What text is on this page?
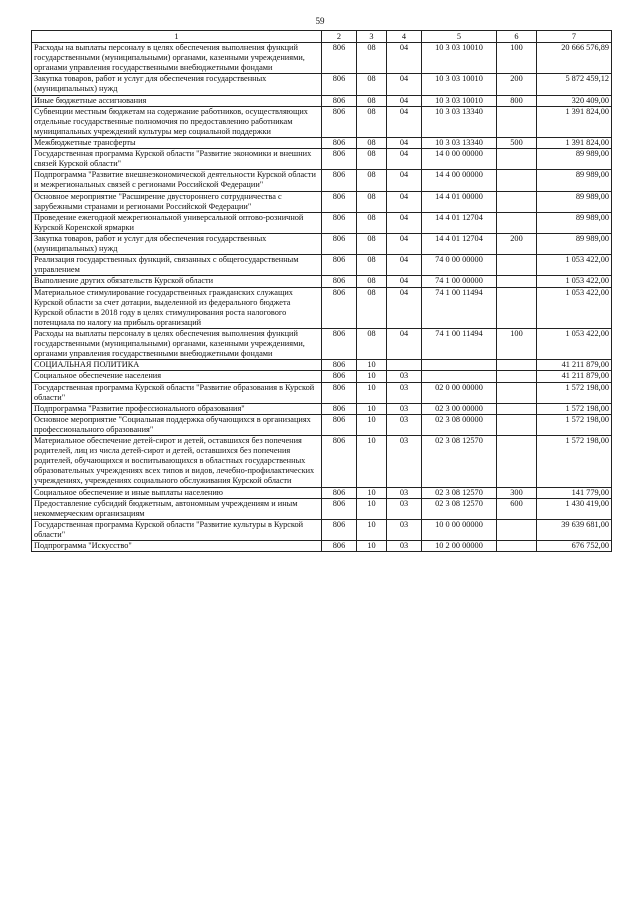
59
1	2	3	4	5	6	7
Расходы на выплаты персоналу в целях обеспечения выполнения функций государственными (муниципальными) органами, казенными учреждениями, органами управления государственными внебюджетными фондами	806	08	04	10 3 03 10010	100	20 666 576,89
Закупка товаров, работ и услуг для обеспечения государственных (муниципальных) нужд	806	08	04	10 3 03 10010	200	5 872 459,12
Иные бюджетные ассигнования	806	08	04	10 3 03 10010	800	320 409,00
Субвенции местным бюджетам на содержание работников, осуществляющих отдельные государственные полномочия по предоставлению работникам муниципальных учреждений культуры мер социальной поддержки	806	08	04	10 3 03 13340		1 391 824,00
Межбюджетные трансферты	806	08	04	10 3 03 13340	500	1 391 824,00
Государственная программа Курской области "Развитие экономики и внешних связей Курской области"	806	08	04	14 0 00 00000		89 989,00
Подпрограмма "Развитие внешнеэкономической деятельности Курской области и межрегиональных связей с регионами Российской Федерации"	806	08	04	14 4 00 00000		89 989,00
Основное мероприятие "Расширение двустороннего сотрудничества с зарубежными странами и регионами Российской Федерации"	806	08	04	14 4 01 00000		89 989,00
Проведение ежегодной межрегиональной универсальной оптово-розничной Курской Коренской ярмарки	806	08	04	14 4 01 12704		89 989,00
Закупка товаров, работ и услуг для обеспечения государственных (муниципальных) нужд	806	08	04	14 4 01 12704	200	89 989,00
Реализация государственных функций, связанных с общегосударственным управлением	806	08	04	74 0 00 00000		1 053 422,00
Выполнение других обязательств Курской области	806	08	04	74 1 00 00000		1 053 422,00
Материальное стимулирование государственных гражданских служащих Курской области за счет дотации, выделенной из федерального бюджета Курской области в 2018 году в целях стимулирования роста налогового потенциала по налогу на прибыль организаций	806	08	04	74 1 00 11494		1 053 422,00
Расходы на выплаты персоналу в целях обеспечения выполнения функций государственными (муниципальными) органами, казенными учреждениями, органами управления государственными внебюджетными фондами	806	08	04	74 1 00 11494	100	1 053 422,00
СОЦИАЛЬНАЯ ПОЛИТИКА	806	10				41 211 879,00
Социальное обеспечение населения	806	10	03			41 211 879,00
Государственная программа Курской области "Развитие образования в Курской области"	806	10	03	02 0 00 00000		1 572 198,00
Подпрограмма "Развитие профессионального образования"	806	10	03	02 3 00 00000		1 572 198,00
Основное мероприятие "Социальная поддержка обучающихся в организациях профессионального образования"	806	10	03	02 3 08 00000		1 572 198,00
Материальное обеспечение детей-сирот и детей, оставшихся без попечения родителей, лиц из числа детей-сирот и детей, оставшихся без попечения родителей, обучающихся и воспитывающихся в областных государственных образовательных учреждениях всех типов и видов, лечебно-профилактических учреждениях, учреждениях социального обслуживания Курской области	806	10	03	02 3 08 12570		1 572 198,00
Социальное обеспечение и иные выплаты населению	806	10	03	02 3 08 12570	300	141 779,00
Предоставление субсидий бюджетным, автономным учреждениям и иным некоммерческим организациям	806	10	03	02 3 08 12570	600	1 430 419,00
Государственная программа Курской области "Развитие культуры в Курской области"	806	10	03	10 0 00 00000		39 639 681,00
Подпрограмма "Искусство"	806	10	03	10 2 00 00000		676 752,00
